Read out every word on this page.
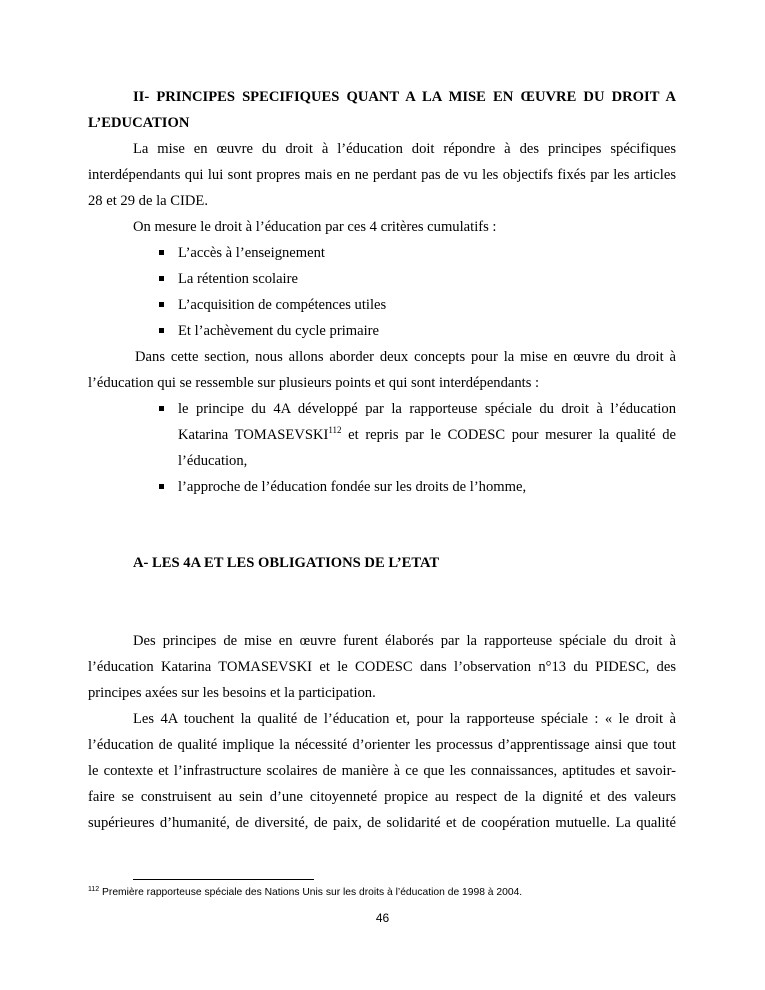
II- PRINCIPES SPECIFIQUES QUANT A LA MISE EN ŒUVRE DU DROIT A
L’EDUCATION
La mise en œuvre du droit à l’éducation doit répondre à des principes spécifiques
interdépendants qui lui sont propres mais en ne perdant pas de vu les objectifs fixés par les articles
28 et 29 de la CIDE.
On mesure le droit à l’éducation par ces 4 critères cumulatifs :
L’accès à l’enseignement
La rétention scolaire
L’acquisition de compétences utiles
Et l’achèvement du cycle primaire
Dans cette section, nous allons aborder deux concepts pour la mise en œuvre du droit à
l’éducation qui se ressemble sur plusieurs points et qui sont interdépendants :
le principe du 4A développé par la rapporteuse spéciale du droit à l’éducation
Katarina TOMASEVSKI$^{112}$ et repris par le CODESC pour mesurer la qualité de
l’éducation,
l’approche de l’éducation fondée sur les droits de l’homme,
A- LES 4A ET LES OBLIGATIONS DE L’ETAT
Des principes de mise en œuvre furent élaborés par la rapporteuse spéciale du droit à
l’éducation Katarina TOMASEVSKI et le CODESC dans l’observation n°13 du PIDESC, des
principes axées sur les besoins et la participation.
Les 4A touchent la qualité de l’éducation et, pour la rapporteuse spéciale : « le droit à
l’éducation de qualité implique la nécessité d’orienter les processus d’apprentissage ainsi que tout
le contexte et l’infrastructure scolaires de manière à ce que les connaissances, aptitudes et savoir-
faire se construisent au sein d’une citoyenneté propice au respect de la dignité et des valeurs
supérieures d’humanité, de diversité, de paix, de solidarité et de coopération mutuelle. La qualité
$^{112}$ Première rapporteuse spéciale des Nations Unis sur les droits à l’éducation de 1998 à 2004.
46
